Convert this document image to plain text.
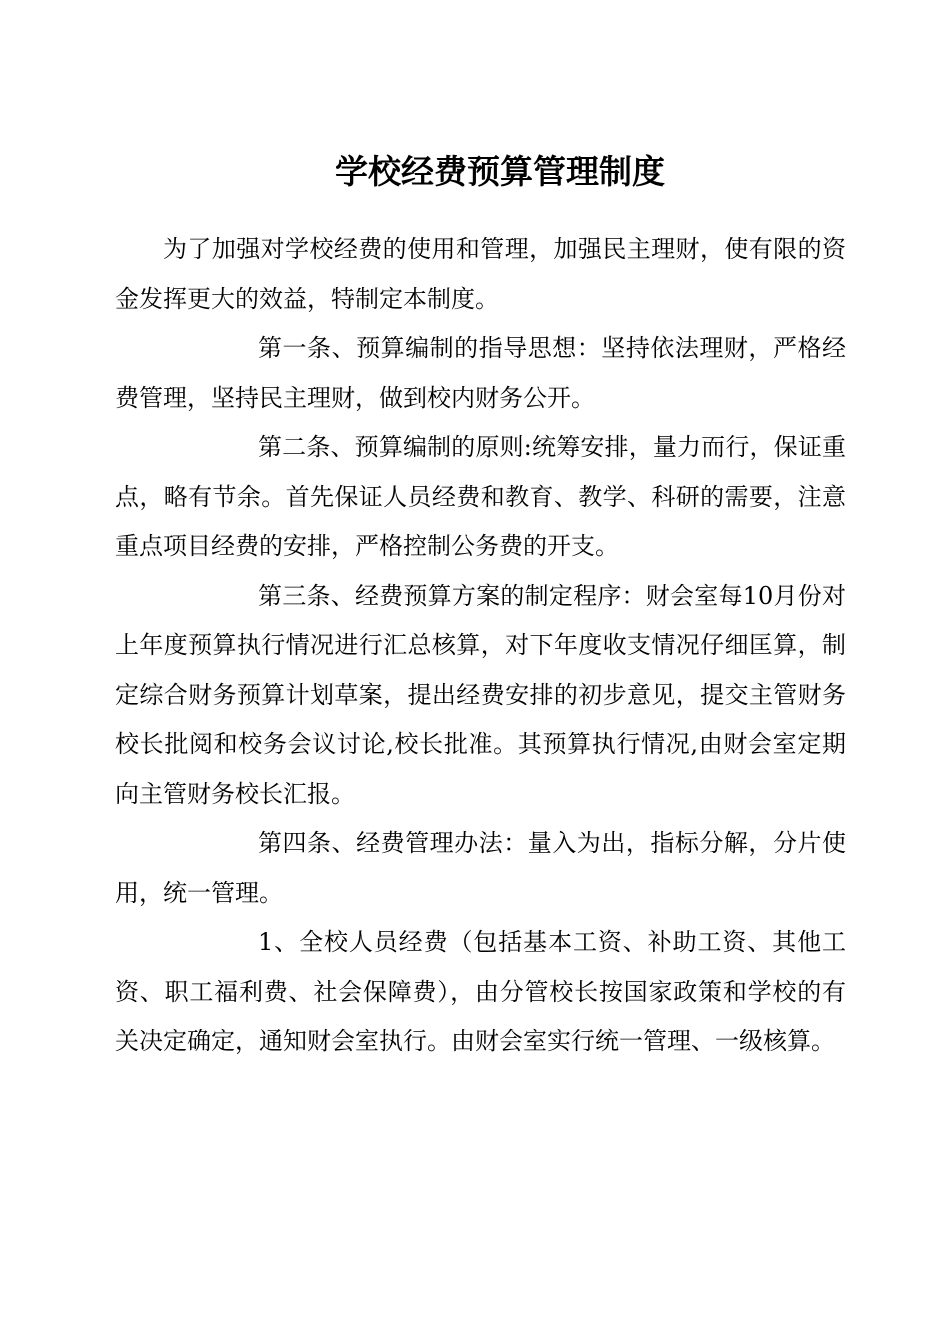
学校经费预算管理制度

为了加强对学校经费的使用和管理，加强民主理财，使有限的资金发挥更大的效益，特制定本制度。

第一条、预算编制的指导思想：坚持依法理财，严格经费管理，坚持民主理财，做到校内财务公开。

第二条、预算编制的原则:统筹安排，量力而行，保证重点，略有节余。首先保证人员经费和教育、教学、科研的需要，注意重点项目经费的安排，严格控制公务费的开支。

第三条、经费预算方案的制定程序：财会室每10月份对上年度预算执行情况进行汇总核算，对下年度收支情况仔细匡算，制定综合财务预算计划草案，提出经费安排的初步意见，提交主管财务校长批阅和校务会议讨论,校长批准。其预算执行情况,由财会室定期向主管财务校长汇报。

第四条、经费管理办法：量入为出，指标分解，分片使用，统一管理。

1、全校人员经费（包括基本工资、补助工资、其他工资、职工福利费、社会保障费），由分管校长按国家政策和学校的有关决定确定，通知财会室执行。由财会室实行统一管理、一级核算。
